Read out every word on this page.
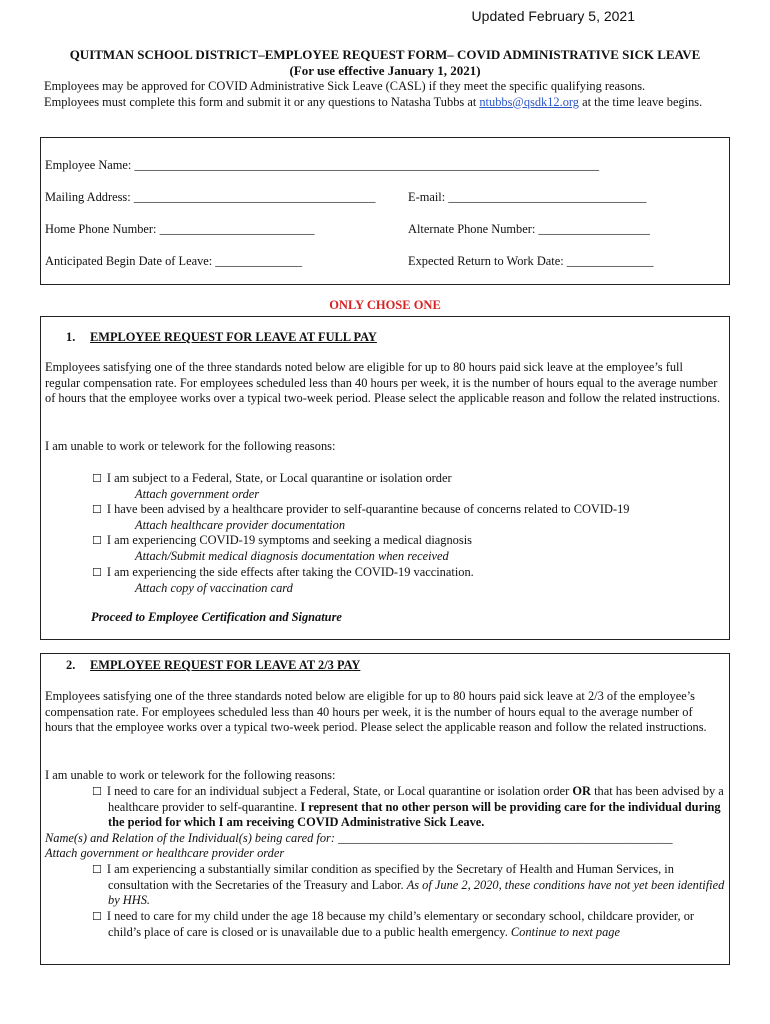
Updated February 5, 2021
QUITMAN SCHOOL DISTRICT–EMPLOYEE REQUEST FORM– COVID ADMINISTRATIVE SICK LEAVE
(For use effective January 1, 2021)
Employees may be approved for COVID Administrative Sick Leave (CASL) if they meet the specific qualifying reasons.
Employees must complete this form and submit it or any questions to Natasha Tubbs at ntubbs@qsdk12.org at the time leave begins.
Employee Name: ___________________________________________________________________________
Mailing Address: _______________________________________	E-mail: ________________________________
Home Phone Number: _________________________	Alternate Phone Number: __________________
Anticipated Begin Date of Leave: ______________	Expected Return to Work Date: ______________
ONLY CHOSE ONE
1. EMPLOYEE REQUEST FOR LEAVE AT FULL PAY
Employees satisfying one of the three standards noted below are eligible for up to 80 hours paid sick leave at the employee’s full regular compensation rate. For employees scheduled less than 40 hours per week, it is the number of hours equal to the average number of hours that the employee works over a typical two-week period. Please select the applicable reason and follow the related instructions.
I am unable to work or telework for the following reasons:
☐ I am subject to a Federal, State, or Local quarantine or isolation order
Attach government order
☐ I have been advised by a healthcare provider to self-quarantine because of concerns related to COVID-19
Attach healthcare provider documentation
☐ I am experiencing COVID-19 symptoms and seeking a medical diagnosis
Attach/Submit medical diagnosis documentation when received
☐ I am experiencing the side effects after taking the COVID-19 vaccination.
Attach copy of vaccination card
Proceed to Employee Certification and Signature
2. EMPLOYEE REQUEST FOR LEAVE AT 2/3 PAY
Employees satisfying one of the three standards noted below are eligible for up to 80 hours paid sick leave at 2/3 of the employee’s compensation rate. For employees scheduled less than 40 hours per week, it is the number of hours equal to the average number of hours that the employee works over a typical two-week period. Please select the applicable reason and follow the related instructions.
I am unable to work or telework for the following reasons:
☐ I need to care for an individual subject a Federal, State, or Local quarantine or isolation order OR that has been advised by a healthcare provider to self-quarantine. I represent that no other person will be providing care for the individual during the period for which I am receiving COVID Administrative Sick Leave.
Name(s) and Relation of the Individual(s) being cared for: ______________________________________________________
Attach government or healthcare provider order
☐ I am experiencing a substantially similar condition as specified by the Secretary of Health and Human Services, in consultation with the Secretaries of the Treasury and Labor. As of June 2, 2020, these conditions have not yet been identified by HHS.
☐ I need to care for my child under the age 18 because my child’s elementary or secondary school, childcare provider, or child’s place of care is closed or is unavailable due to a public health emergency. Continue to next page
